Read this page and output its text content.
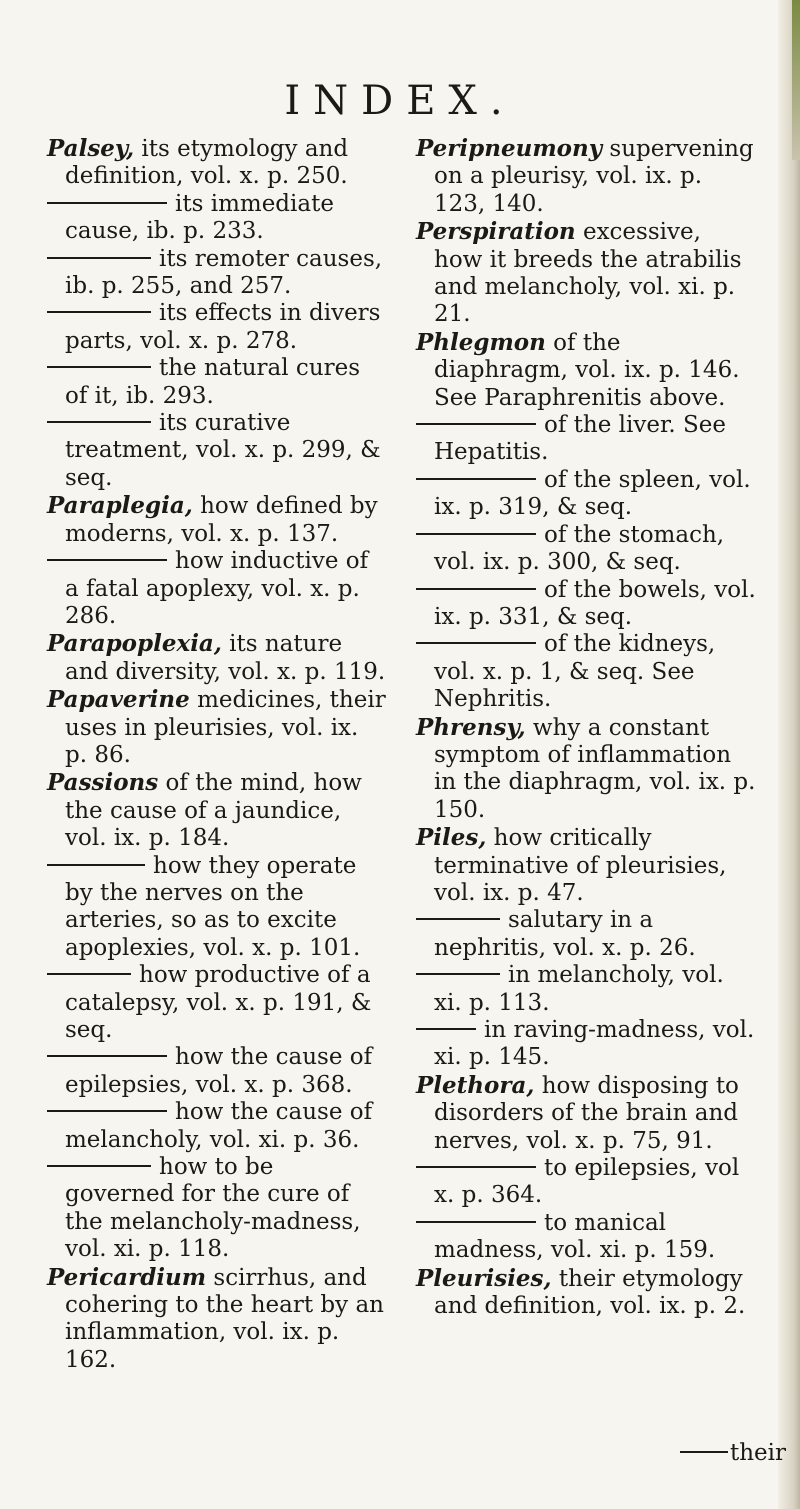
INDEX.
Palsey, its etymology and definition, vol. x. p. 250.
its immediate cause, ib. p. 233.
its remoter causes, ib. p. 255, and 257.
its effects in divers parts, vol. x. p. 278.
the natural cures of it, ib. 293.
its curative treatment, vol. x. p. 299, & seq.
Paraplegia, how defined by moderns, vol. x. p. 137.
how inductive of a fatal apoplexy, vol. x. p. 286.
Parapoplexia, its nature and diversity, vol. x. p. 119.
Papaverine medicines, their uses in pleurisies, vol. ix. p. 86.
Passions of the mind, how the cause of a jaundice, vol. ix. p. 184.
how they operate by the nerves on the arteries, so as to excite apoplexies, vol. x. p. 101.
how productive of a catalepsy, vol. x. p. 191, & seq.
how the cause of epilepsies, vol. x. p. 368.
how the cause of melancholy, vol. xi. p. 36.
how to be governed for the cure of the melancholy-madness, vol. xi. p. 118.
Pericardium scirrhus, and cohering to the heart by an inflammation, vol. ix. p. 162.
Peripneumony supervening on a pleurisy, vol. ix. p. 123, 140.
Perspiration excessive, how it breeds the atrabilis and melancholy, vol. xi. p. 21.
Phlegmon of the diaphragm, vol. ix. p. 146. See Paraphrenitis above.
of the liver. See Hepatitis.
of the spleen, vol. ix. p. 319, & seq.
of the stomach, vol. ix. p. 300, & seq.
of the bowels, vol. ix. p. 331, & seq.
of the kidneys, vol. x. p. 1, & seq. See Nephritis.
Phrensy, why a constant symptom of inflammation in the diaphragm, vol. ix. p. 150.
Piles, how critically terminative of pleurisies, vol. ix. p. 47.
salutary in a nephritis, vol. x. p. 26.
in melancholy, vol. xi. p. 113.
in raving-madness, vol. xi. p. 145.
Plethora, how disposing to disorders of the brain and nerves, vol. x. p. 75, 91.
to epilepsies, vol x. p. 364.
to manical madness, vol. xi. p. 159.
Pleurisies, their etymology and definition, vol. ix. p. 2.
their
